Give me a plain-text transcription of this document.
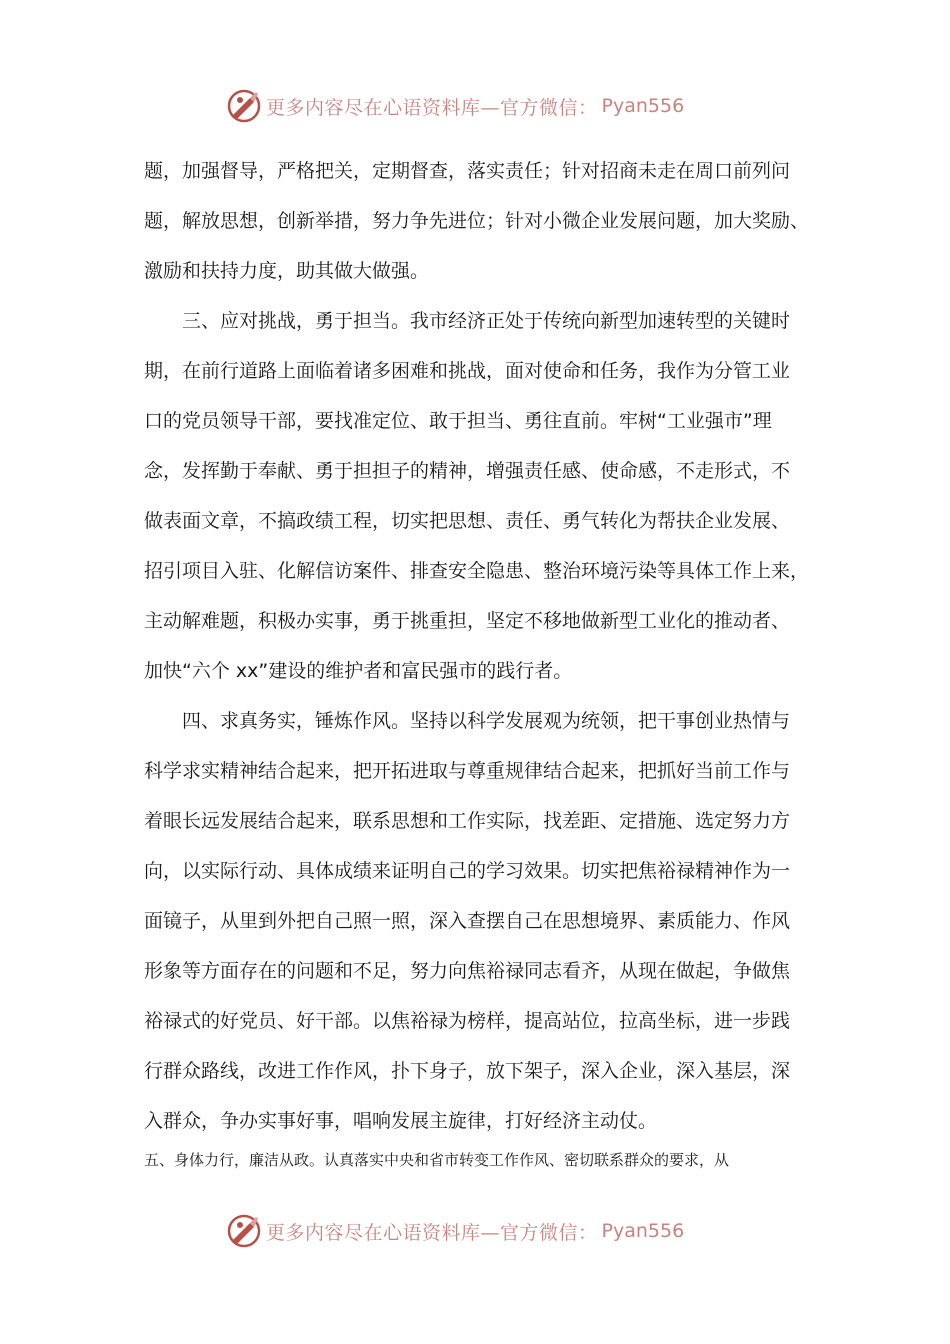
更多内容尽在心语资料库—官方微信： Pyan556
题，加强督导，严格把关，定期督查，落实责任；针对招商未走在周口前列问
题，解放思想，创新举措，努力争先进位；针对小微企业发展问题，加大奖励、
激励和扶持力度，助其做大做强。
三、应对挑战，勇于担当。我市经济正处于传统向新型加速转型的关键时
期，在前行道路上面临着诸多困难和挑战，面对使命和任务，我作为分管工业
口的党员领导干部，要找准定位、敢于担当、勇往直前。牢树“工业强市”理
念，发挥勤于奉献、勇于担担子的精神，增强责任感、使命感，不走形式，不
做表面文章，不搞政绩工程，切实把思想、责任、勇气转化为帮扶企业发展、
招引项目入驻、化解信访案件、排查安全隐患、整治环境污染等具体工作上来，
主动解难题，积极办实事，勇于挑重担，坚定不移地做新型工业化的推动者、
加快“六个 xx”建设的维护者和富民强市的践行者。
四、求真务实，锤炼作风。坚持以科学发展观为统领，把干事创业热情与
科学求实精神结合起来，把开拓进取与尊重规律结合起来，把抓好当前工作与
着眼长远发展结合起来，联系思想和工作实际，找差距、定措施、选定努力方
向，以实际行动、具体成绩来证明自己的学习效果。切实把焦裕禄精神作为一
面镜子，从里到外把自己照一照，深入查摆自己在思想境界、素质能力、作风
形象等方面存在的问题和不足，努力向焦裕禄同志看齐，从现在做起，争做焦
裕禄式的好党员、好干部。以焦裕禄为榜样，提高站位，拉高坐标，进一步践
行群众路线，改进工作作风，扑下身子，放下架子，深入企业，深入基层，深
入群众，争办实事好事，唱响发展主旋律，打好经济主动仗。
五、身体力行，廉洁从政。认真落实中央和省市转变工作作风、密切联系群众的要求，从
更多内容尽在心语资料库—官方微信： Pyan556
